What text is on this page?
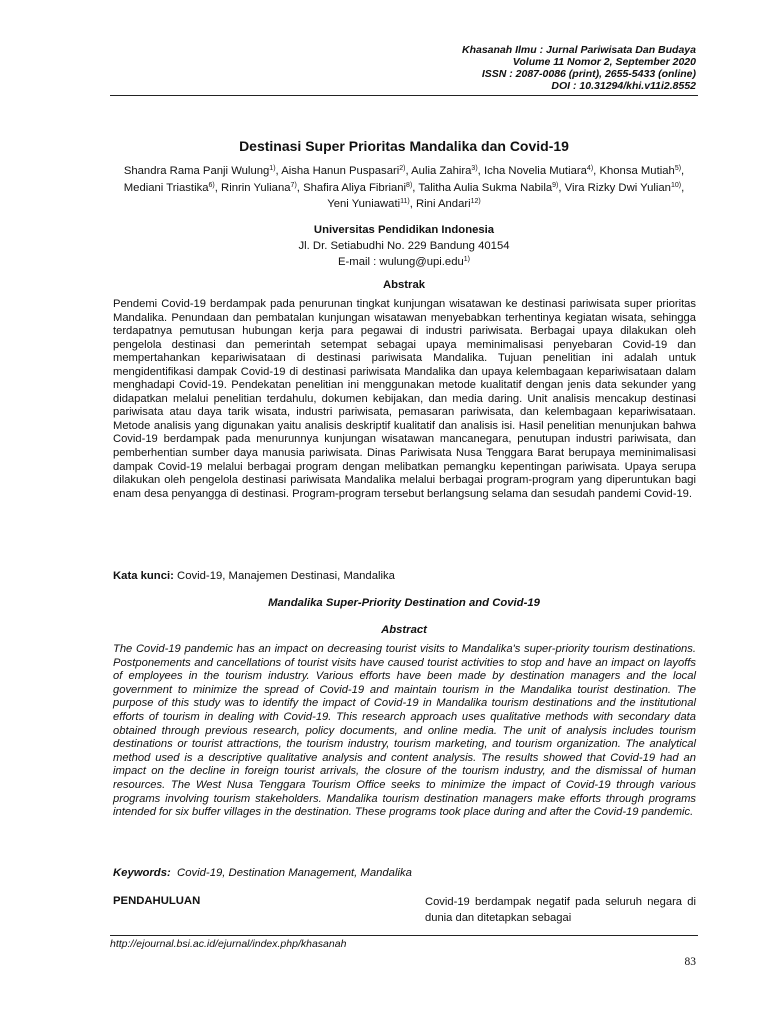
Khasanah Ilmu : Jurnal Pariwisata Dan Budaya
Volume 11 Nomor 2, September 2020
ISSN : 2087-0086 (print), 2655-5433 (online)
DOI : 10.31294/khi.v11i2.8552
Destinasi Super Prioritas Mandalika dan Covid-19
Shandra Rama Panji Wulung$^{1)}$, Aisha Hanun Puspasari$^{2)}$, Aulia Zahira$^{3)}$, Icha Novelia Mutiara$^{4)}$, Khonsa Mutiah$^{5)}$, Mediani Triastika$^{6)}$, Rinrin Yuliana$^{7)}$, Shafira Aliya Fibriani$^{8)}$, Talitha Aulia Sukma Nabila$^{9)}$, Vira Rizky Dwi Yulian$^{10)}$, Yeni Yuniawati$^{11)}$, Rini Andari$^{12)}$
Universitas Pendidikan Indonesia
Jl. Dr. Setiabudhi No. 229 Bandung 40154
E-mail : wulung@upi.edu$^{1)}$
Abstrak
Pendemi Covid-19 berdampak pada penurunan tingkat kunjungan wisatawan ke destinasi pariwisata super prioritas Mandalika. Penundaan dan pembatalan kunjungan wisatawan menyebabkan terhentinya kegiatan wisata, sehingga terdapatnya pemutusan hubungan kerja para pegawai di industri pariwisata. Berbagai upaya dilakukan oleh pengelola destinasi dan pemerintah setempat sebagai upaya meminimalisasi penyebaran Covid-19 dan mempertahankan kepariwisataan di destinasi pariwisata Mandalika. Tujuan penelitian ini adalah untuk mengidentifikasi dampak Covid-19 di destinasi pariwisata Mandalika dan upaya kelembagaan kepariwisataan dalam menghadapi Covid-19. Pendekatan penelitian ini menggunakan metode kualitatif dengan jenis data sekunder yang didapatkan melalui penelitian terdahulu, dokumen kebijakan, dan media daring. Unit analisis mencakup destinasi pariwisata atau daya tarik wisata, industri pariwisata, pemasaran pariwisata, dan kelembagaan kepariwisataan. Metode analisis yang digunakan yaitu analisis deskriptif kualitatif dan analisis isi. Hasil penelitian menunjukan bahwa Covid-19 berdampak pada menurunnya kunjungan wisatawan mancanegara, penutupan industri pariwisata, dan pemberhentian sumber daya manusia pariwisata. Dinas Pariwisata Nusa Tenggara Barat berupaya meminimalisasi dampak Covid-19 melalui berbagai program dengan melibatkan pemangku kepentingan pariwisata. Upaya serupa dilakukan oleh pengelola destinasi pariwisata Mandalika melalui berbagai program-program yang diperuntukan bagi enam desa penyangga di destinasi. Program-program tersebut berlangsung selama dan sesudah pandemi Covid-19.
Kata kunci: Covid-19, Manajemen Destinasi, Mandalika
Mandalika Super-Priority Destination and Covid-19
Abstract
The Covid-19 pandemic has an impact on decreasing tourist visits to Mandalika's super-priority tourism destinations. Postponements and cancellations of tourist visits have caused tourist activities to stop and have an impact on layoffs of employees in the tourism industry. Various efforts have been made by destination managers and the local government to minimize the spread of Covid-19 and maintain tourism in the Mandalika tourist destination. The purpose of this study was to identify the impact of Covid-19 in Mandalika tourism destinations and the institutional efforts of tourism in dealing with Covid-19. This research approach uses qualitative methods with secondary data obtained through previous research, policy documents, and online media. The unit of analysis includes tourism destinations or tourist attractions, the tourism industry, tourism marketing, and tourism organization. The analytical method used is a descriptive qualitative analysis and content analysis. The results showed that Covid-19 had an impact on the decline in foreign tourist arrivals, the closure of the tourism industry, and the dismissal of human resources. The West Nusa Tenggara Tourism Office seeks to minimize the impact of Covid-19 through various programs involving tourism stakeholders. Mandalika tourism destination managers make efforts through programs intended for six buffer villages in the destination. These programs took place during and after the Covid-19 pandemic.
Keywords: Covid-19, Destination Management, Mandalika
PENDAHULUAN	Covid-19 berdampak negatif pada seluruh negara di dunia dan ditetapkan sebagai
http://ejournal.bsi.ac.id/ejurnal/index.php/khasanah
83
